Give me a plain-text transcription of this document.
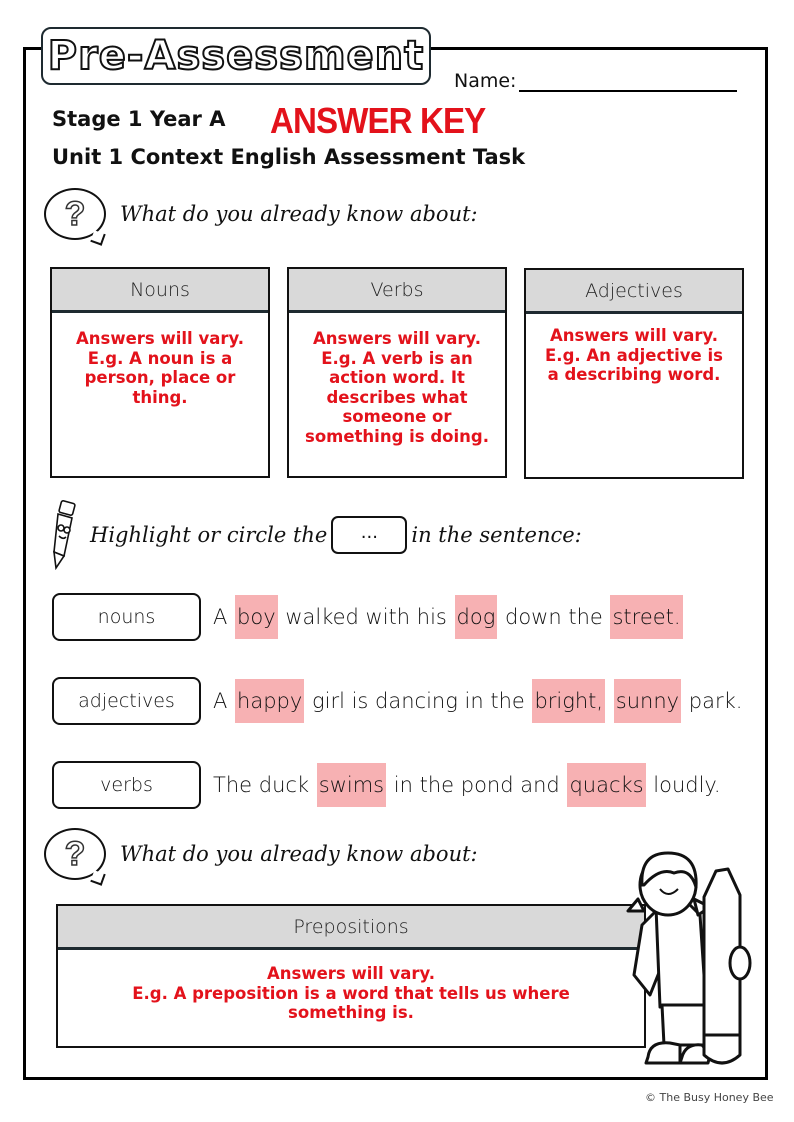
Pre-Assessment
Name:
Stage 1 Year A ANSWER KEY
Unit 1 Context English Assessment Task
?	What do you already know about:
Nouns
Answers will vary. E.g. A noun is a person, place or thing.
Verbs
Answers will vary. E.g. A verb is an action word. It describes what someone or something is doing.
Adjectives
Answers will vary. E.g. An adjective is a describing word.
Highlight or circle the	...	in the sentence:
nouns	A boy walked with his dog down the street.
adjectives	A happy girl is dancing in the bright,
sunny park.
verbs	The duck swims in the pond and quacks loudly.
?	What do you already know about:
Prepositions
Answers will vary.
E.g. A preposition is a word that tells us where something is.
© The Busy Honey Bee
